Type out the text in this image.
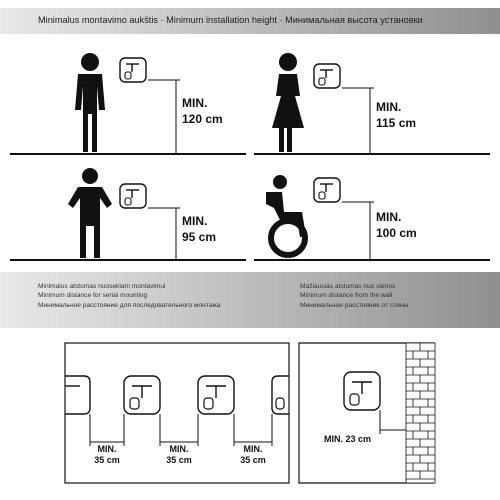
Minimalus montavimo aukštis · Minimum installation height · Минимальная высота установки
MIN.
120 cm
MIN.
115 cm
MIN.
95 cm
MIN.
100 cm
Minimalus atstumas nuoseklam montavimui
Minimum distance for serial mounting
Минимальное расстояние для последовательного монтажа
Mažiausias atstumas nuo sienos
Minimum distance from the wall
Минимальное расстояние от стены
MIN.
35 cm
MIN.
35 cm
MIN.
35 cm
MIN. 23 cm
